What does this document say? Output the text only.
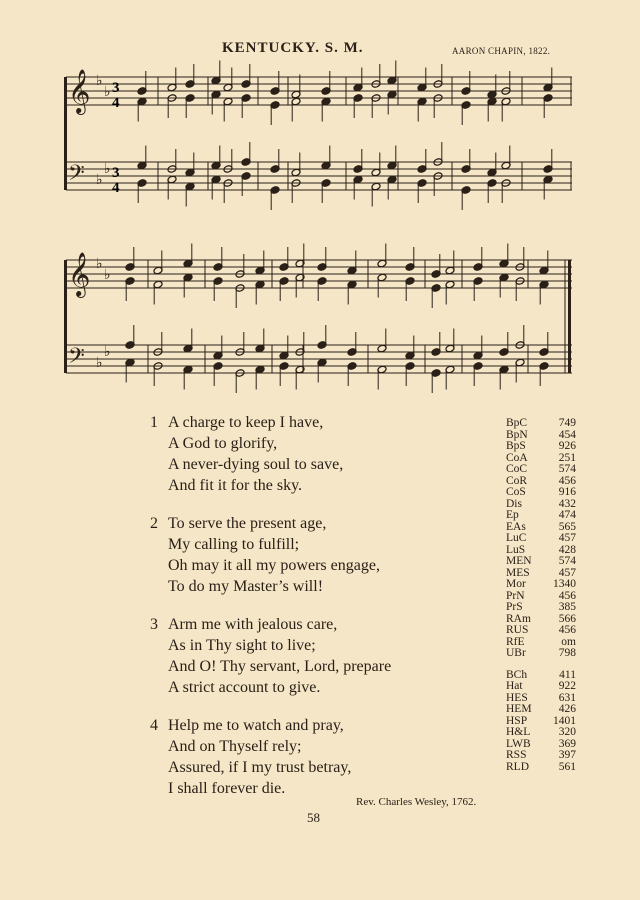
KENTUCKY. S. M.	AARON CHAPIN, 1822.
𝄞 ♭
♭
𝄢 ♭
♭
𝄞 ♭
♭
𝄢 ♭
♭
3
4
3
4
1 A charge to keep I have,
A God to glorify,
A never-dying soul to save,
And fit it for the sky.
2 To serve the present age,
My calling to fulfill;
Oh may it all my powers engage,
To do my Master’s will!
3 Arm me with jealous care,
As in Thy sight to live;
And O! Thy servant, Lord, prepare
A strict account to give.
4 Help me to watch and pray,
And on Thyself rely;
Assured, if I my trust betray,
I shall forever die.
BpC	749
BpN	454
BpS	926
CoA	251
CoC	574
CoR	456
CoS	916
Dis	432
Ep	474
EAs	565
LuC	457
LuS	428
MEN 574
MES	457
Mor 1340
PrN	456
PrS	385
RAm 566
RUS	456
RfE	om
UBr	798
BCh	411
Hat	922
HES	631
HEM 426
HSP 1401
H&L 320
LWB 369
RSS	397
RLD	561
Rev. Charles Wesley, 1762.
58
